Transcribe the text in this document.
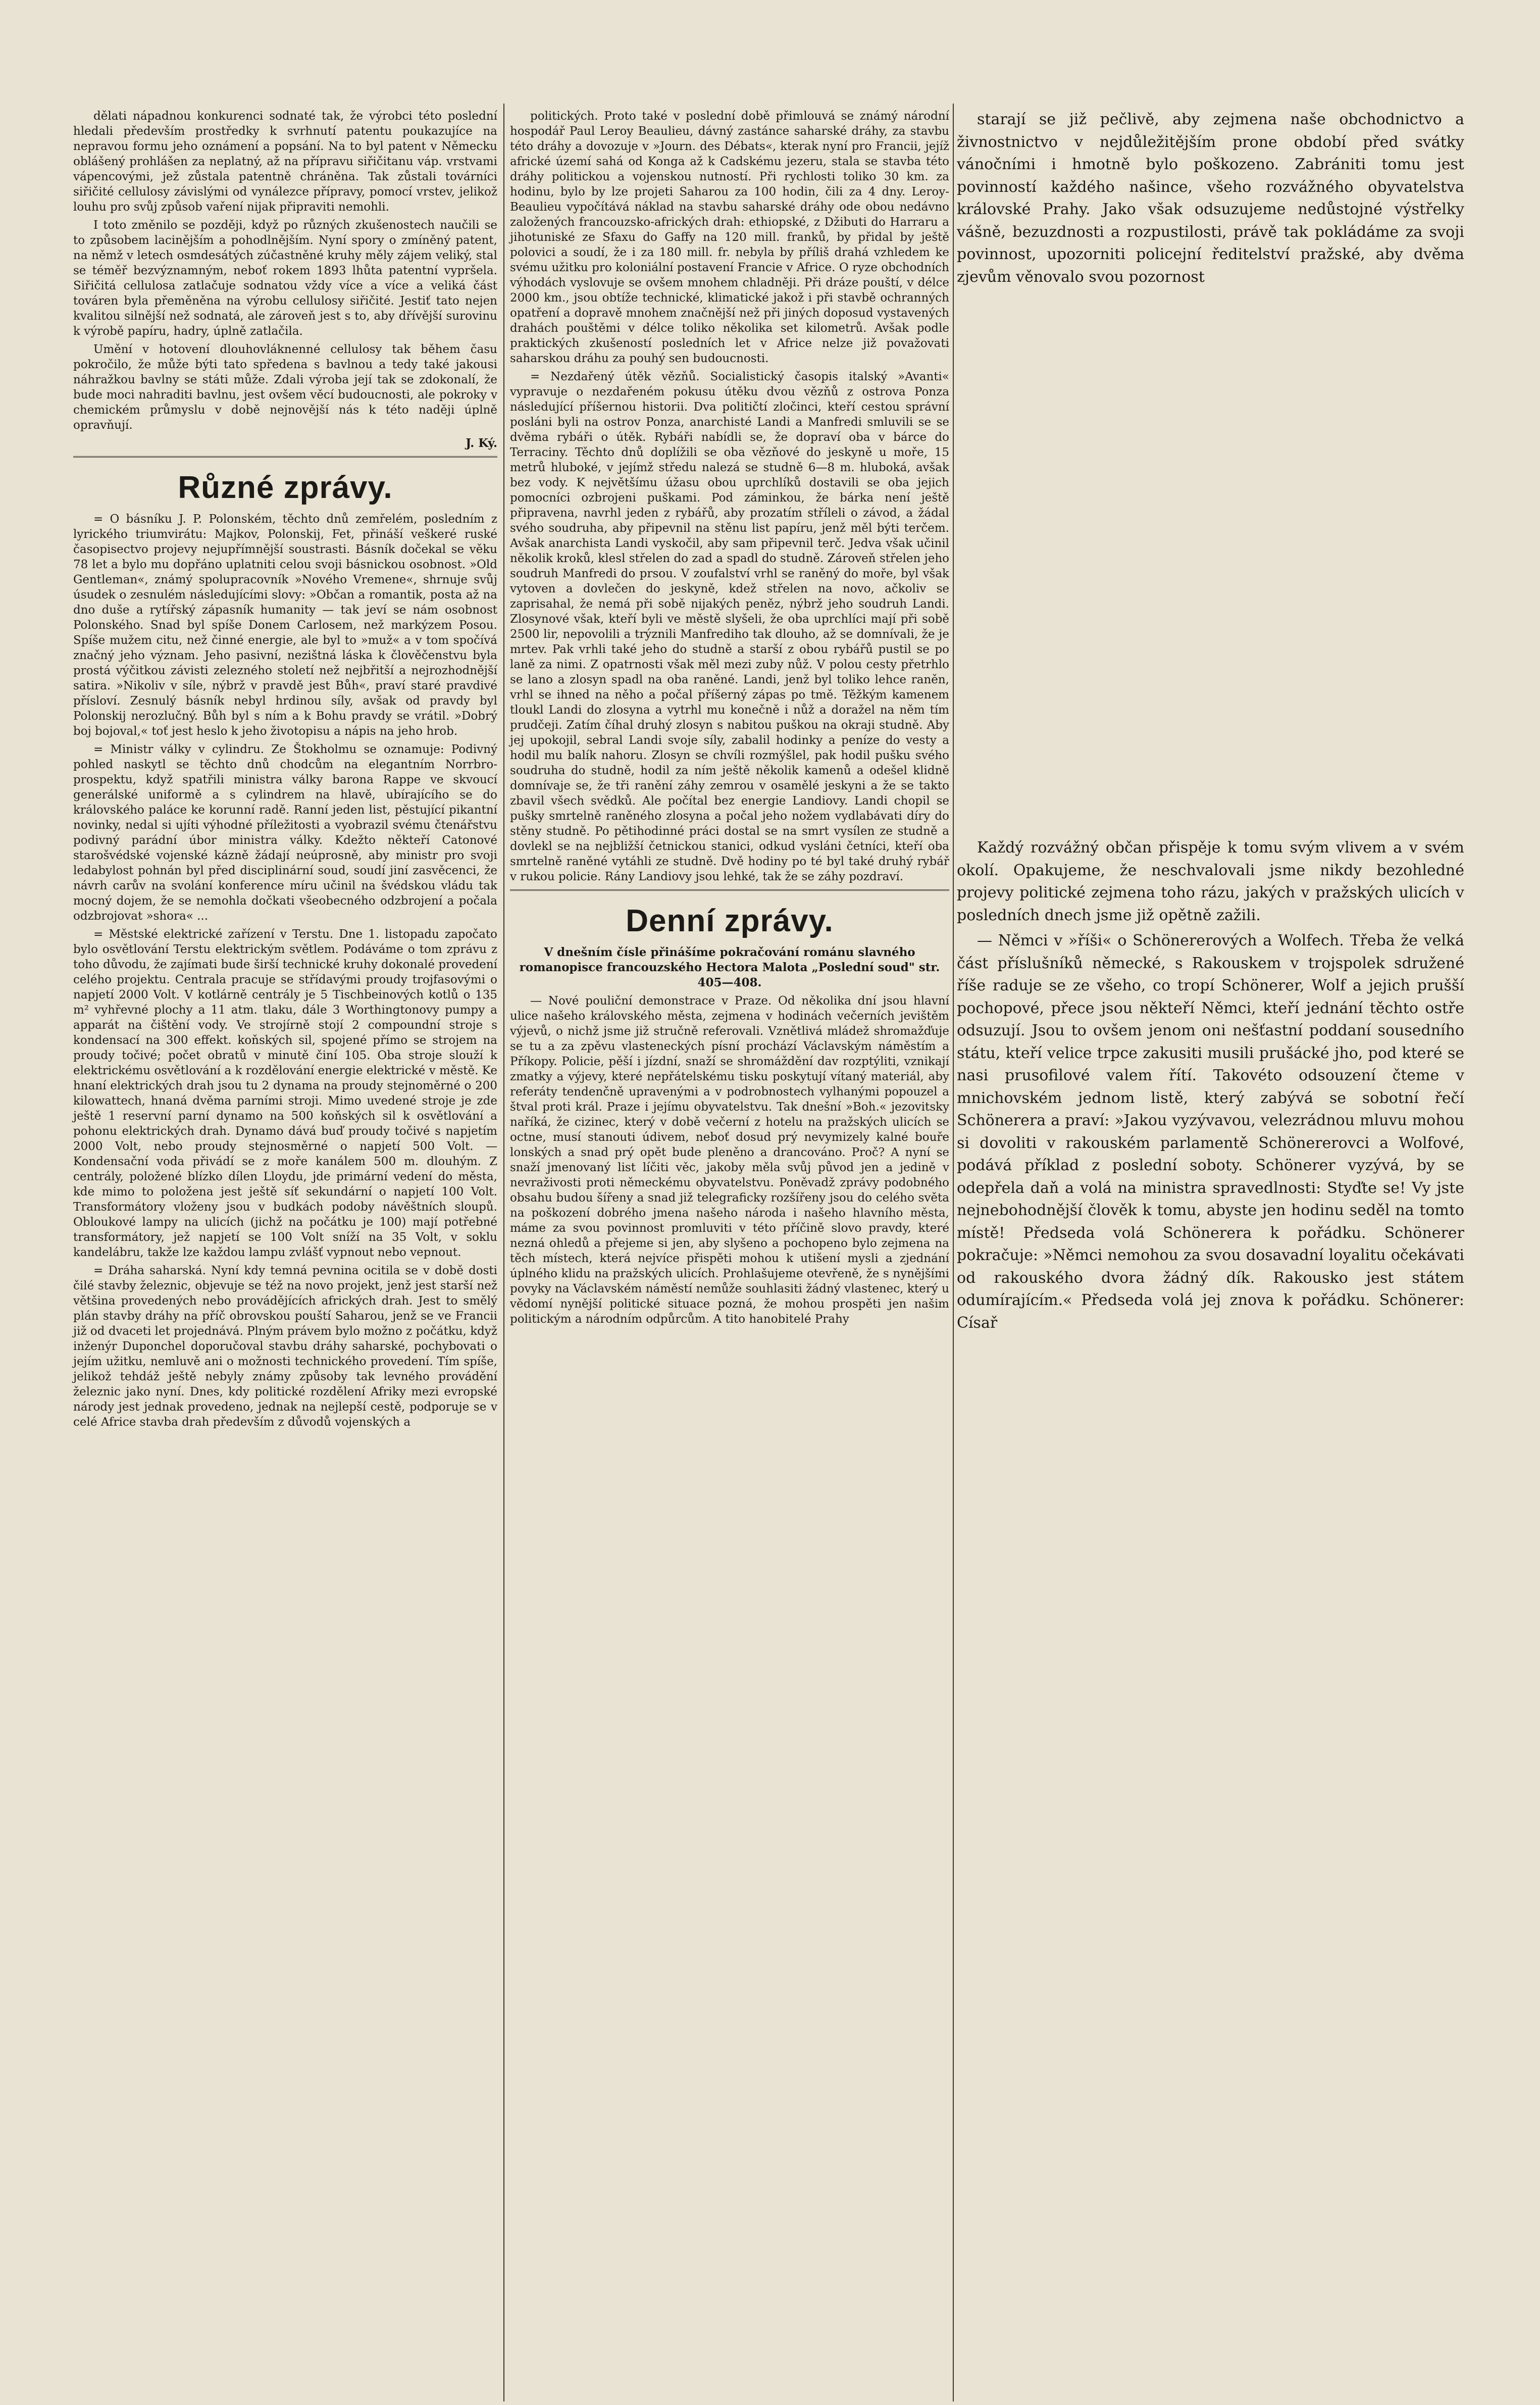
dělati nápadnou konkurenci sodnaté tak, že výrobci této poslední hledali především prostředky k svrhnutí patentu poukazujíce na nepravou formu jeho oznámení a popsání. Na to byl patent v Německu oblášený prohlášen za neplatný, až na přípravu siřičitanu váp. vrstvami vápencovými, jež zůstala patentně chráněna. Tak zůstali továrníci siřičité cellulosy závislými od vynálezce přípravy, pomocí vrstev, jelikož louhu pro svůj způsob vaření nijak připraviti nemohli.

I toto změnilo se později, když po různých zkušenostech naučili se to způsobem lacinějším a pohodlnějším. Nyní spory o zmíněný patent, na němž v letech osmdesátých zúčastněné kruhy měly zájem veliký, stal se téměř bezvýznamným, neboť rokem 1893 lhůta patentní vypršela. Siřičitá cellulosa zatlačuje sodnatou vždy více a více a veliká část továren byla přeměněna na výrobu cellulosy siřičité. Jestiť tato nejen kvalitou silnější než sodnatá, ale zároveň jest s to, aby dřívější surovinu k výrobě papíru, hadry, úplně zatlačila.

Umění v hotovení dlouhovláknenné cellulosy tak během času pokročilo, že může býti tato spředena s bavlnou a tedy také jakousi náhražkou bavlny se státi může. Zdali výroba její tak se zdokonalí, že bude moci nahraditi bavlnu, jest ovšem věcí budoucnosti, ale pokroky v chemickém průmyslu v době nejnovější nás k této naději úplně opravňují.

J. Ký.

Různé zprávy.

= O básníku J. P. Polonském, těchto dnů zemřelém, posledním z lyrického triumvirátu: Majkov, Polonskij, Fet, přináší veškeré ruské časopisectvo projevy nejupřímnější soustrasti. Básník dočekal se věku 78 let a bylo mu dopřáno uplatniti celou svoji básnickou osobnost. »Old Gentleman«, známý spolupracovník »Nového Vremene«, shrnuje svůj úsudek o zesnulém následujícími slovy: »Občan a romantik, posta až na dno duše a rytířský zápasník humanity — tak jeví se nám osobnost Polonského. Snad byl spíše Donem Carlosem, než markýzem Posou. Spíše mužem citu, než činné energie, ale byl to »muž« a v tom spočívá značný jeho význam. Jeho pasivní, nezištná láska k člověčenstvu byla prostá výčitkou závisti zelezného století než nejbřitší a nejrozhodnější satira. »Nikoliv v síle, nýbrž v pravdě jest Bůh«, praví staré pravdivé přísloví. Zesnulý básník nebyl hrdinou síly, avšak od pravdy byl Polonskij nerozlučný. Bůh byl s ním a k Bohu pravdy se vrátil. »Dobrý boj bojoval,« toť jest heslo k jeho životopisu a nápis na jeho hrob.

= Ministr války v cylindru. Ze Štokholmu se oznamuje: Podivný pohled naskytl se těchto dnů chodcům na elegantním Norrbro-prospektu, když spatřili ministra války barona Rappe ve skvoucí generálské uniformě a s cylindrem na hlavě, ubírajícího se do královského paláce ke korunní radě. Ranní jeden list, pěstující pikantní novinky, nedal si ujíti výhodné příležitosti a vyobrazil svému čtenářstvu podivný parádní úbor ministra války. Kdežto někteří Catonové starošvédské vojenské kázně žádají neúprosně, aby ministr pro svoji ledabylost pohnán byl před disciplinární soud, soudí jiní zasvěcenci, že návrh carův na svolání konference míru učinil na švédskou vládu tak mocný dojem, že se nemohla dočkati všeobecného odzbrojení a počala odzbrojovat »shora« ...

= Městské elektrické zařízení v Terstu. Dne 1. listopadu započato bylo osvětlování Terstu elektrickým světlem. Podáváme o tom zprávu z toho důvodu, že zajímati bude širší technické kruhy dokonalé provedení celého projektu. Centrala pracuje se střídavými proudy trojfasovými o napjetí 2000 Volt. V kotlárně centrály je 5 Tischbeinových kotlů o 135 m² vyhřevné plochy a 11 atm. tlaku, dále 3 Worthingtonovy pumpy a apparát na čištění vody. Ve strojírně stojí 2 compoundní stroje s kondensací na 300 effekt. koňských sil, spojené přímo se strojem na proudy točivé; počet obratů v minutě činí 105. Oba stroje slouží k elektrickému osvětlování a k rozdělování energie elektrické v městě. Ke hnaní elektrických drah jsou tu 2 dynama na proudy stejnoměrné o 200 kilowattech, hnaná dvěma parními stroji. Mimo uvedené stroje je zde ještě 1 reservní parní dynamo na 500 koňských sil k osvětlování a pohonu elektrických drah. Dynamo dává buď proudy točivé s napjetím 2000 Volt, nebo proudy stejnosměrné o napjetí 500 Volt. — Kondensační voda přivádí se z moře kanálem 500 m. dlouhým. Z centrály, položené blízko dílen Lloydu, jde primární vedení do města, kde mimo to položena jest ještě síť sekundární o napjetí 100 Volt. Transformátory vloženy jsou v budkách podoby návěštních sloupů. Obloukové lampy na ulicích (jichž na počátku je 100) mají potřebné transformátory, jež napjetí se 100 Volt sníží na 35 Volt, v soklu kandelábru, takže lze každou lampu zvlášť vypnout nebo vepnout.

= Dráha saharská. Nyní kdy temná pevnina ocitila se v době dosti čilé stavby železnic, objevuje se též na novo projekt, jenž jest starší než většina provedených nebo provádějících afrických drah. Jest to smělý plán stavby dráhy na příč obrovskou pouští Saharou, jenž se ve Francii již od dvaceti let projednává. Plným právem bylo možno z počátku, když inženýr Duponchel doporučoval stavbu dráhy saharské, pochybovati o jejím užitku, nemluvě ani o možnosti technického provedení. Tím spíše, jelikož tehdáž ještě nebyly známy způsoby tak levného provádění železnic jako nyní. Dnes, kdy politické rozdělení Afriky mezi evropské národy jest jednak provedeno, jednak na nejlepší cestě, podporuje se v celé Africe stavba drah především z důvodů vojenských a

politických. Proto také v poslední době přimlouvá se známý národní hospodář Paul Leroy Beaulieu, dávný zastánce saharské dráhy, za stavbu této dráhy a dovozuje v »Journ. des Débats«, kterak nyní pro Francii, jejíž africké území sahá od Konga až k Cadskému jezeru, stala se stavba této dráhy politickou a vojenskou nutností. Při rychlosti toliko 30 km. za hodinu, bylo by lze projeti Saharou za 100 hodin, čili za 4 dny. Leroy-Beaulieu vypočítává náklad na stavbu saharské dráhy ode obou nedávno založených francouzsko-afrických drah: ethiopské, z Džibuti do Harraru a jihotuniské ze Sfaxu do Gaffy na 120 mill. franků, by přidal by ještě polovici a soudí, že i za 180 mill. fr. nebyla by příliš drahá vzhledem ke svému užitku pro koloniální postavení Francie v Africe. O ryze obchodních výhodách vyslovuje se ovšem mnohem chladněji. Při dráze pouští, v délce 2000 km., jsou obtíže technické, klimatické jakož i při stavbě ochranných opatření a dopravě mnohem značnější než při jiných doposud vystavených drahách pouštěmi v délce toliko několika set kilometrů. Avšak podle praktických zkušeností posledních let v Africe nelze již považovati saharskou dráhu za pouhý sen budoucnosti.

= Nezdařený útěk vězňů. Socialistický časopis italský »Avanti« vypravuje o nezdařeném pokusu útěku dvou vězňů z ostrova Ponza následující příšernou historii. Dva političtí zločinci, kteří cestou správní posláni byli na ostrov Ponza, anarchisté Landi a Manfredi smluvili se se dvěma rybáři o útěk. Rybáři nabídli se, že dopraví oba v bárce do Terraciny. Těchto dnů doplížili se oba vězňové do jeskyně u moře, 15 metrů hluboké, v jejímž středu nalezá se studně 6—8 m. hluboká, avšak bez vody. K největšímu úžasu obou uprchlíků dostavili se oba jejich pomocníci ozbrojeni puškami. Pod záminkou, že bárka není ještě připravena, navrhl jeden z rybářů, aby prozatím stříleli o závod, a žádal svého soudruha, aby připevnil na stěnu list papíru, jenž měl býti terčem. Avšak anarchista Landi vyskočil, aby sam připevnil terč. Jedva však učinil několik kroků, klesl střelen do zad a spadl do studně. Zároveň střelen jeho soudruh Manfredi do prsou. V zoufalství vrhl se raněný do moře, byl však vytoven a dovlečen do jeskyně, kdež střelen na novo, ačkoliv se zaprisahal, že nemá při sobě nijakých peněz, nýbrž jeho soudruh Landi. Zlosynové však, kteří byli ve městě slyšeli, že oba uprchlíci mají při sobě 2500 lir, nepovolili a trýznili Manfrediho tak dlouho, až se domnívali, že je mrtev. Pak vrhli také jeho do studně a starší z obou rybářů pustil se po laně za nimi. Z opatrnosti však měl mezi zuby nůž. V polou cesty přetrhlo se lano a zlosyn spadl na oba raněné. Landi, jenž byl toliko lehce raněn, vrhl se ihned na něho a počal příšerný zápas po tmě. Těžkým kamenem tloukl Landi do zlosyna a vytrhl mu konečně i nůž a doražel na něm tím prudčeji. Zatím číhal druhý zlosyn s nabitou puškou na okraji studně. Aby jej upokojil, sebral Landi svoje síly, zabalil hodinky a peníze do vesty a hodil mu balík nahoru. Zlosyn se chvíli rozmýšlel, pak hodil pušku svého soudruha do studně, hodil za ním ještě několik kamenů a odešel klidně domnívaje se, že tři ranění záhy zemrou v osamělé jeskyni a že se takto zbavil všech svědků. Ale počítal bez energie Landiovy. Landi chopil se pušky smrtelně raněného zlosyna a počal jeho nožem vydlabávati díry do stěny studně. Po pětihodinné práci dostal se na smrt vysílen ze studně a dovlekl se na nejbližší četnickou stanici, odkud vysláni četníci, kteří oba smrtelně raněné vytáhli ze studně. Dvě hodiny po té byl také druhý rybář v rukou policie. Rány Landiovy jsou lehké, tak že se záhy pozdraví.

Denní zprávy.

V dnešním čísle přinášíme pokračování románu slavného romanopisce francouzského Hectora Malota „Poslední soud" str. 405—408.

— Nové pouliční demonstrace v Praze. Od několika dní jsou hlavní ulice našeho královského města, zejmena v hodinách večerních jevištěm výjevů, o nichž jsme již stručně referovali. Vznětlivá mládež shromažďuje se tu a za zpěvu vlasteneckých písní prochází Václavským náměstím a Příkopy. Policie, pěší i jízdní, snaží se shromáždění dav rozptýliti, vznikají zmatky a výjevy, které nepřátelskému tisku poskytují vítaný materiál, aby referáty tendenčně upravenými a v podrobnostech vylhanými popouzel a štval proti král. Praze i jejímu obyvatelstvu. Tak dnešní »Boh.« jezovitsky naříká, že cizinec, který v době večerní z hotelu na pražských ulicích se octne, musí stanouti údivem, neboť dosud prý nevymizely kalné bouře lonských a snad prý opět bude pleněno a drancováno. Proč? A nyní se snaží jmenovaný list líčiti věc, jakoby měla svůj původ jen a jedině v nevraživosti proti německému obyvatelstvu. Poněvadž zprávy podobného obsahu budou šířeny a snad již telegraficky rozšířeny jsou do celého světa na poškození dobrého jmena našeho národa i našeho hlavního města, máme za svou povinnost promluviti v této příčině slovo pravdy, které nezná ohledů a přejeme si jen, aby slyšeno a pochopeno bylo zejmena na těch místech, která nejvíce přispěti mohou k utišení mysli a zjednání úplného klidu na pražských ulicích. Prohlašujeme otevřeně, že s nynějšími povyky na Václavském náměstí nemůže souhlasiti žádný vlastenec, který u vědomí nynější politické situace pozná, že mohou prospěti jen našim politickým a národním odpůrcům. A tito hanobitelé Prahy

starají se již pečlivě, aby zejmena naše obchodnictvo a živnostnictvo v nejdůležitějším prone období před svátky vánočními i hmotně bylo poškozeno. Zabrániti tomu jest povinností každého našince, všeho rozvážného obyvatelstva královské Prahy. Jako však odsuzujeme nedůstojné výstřelky vášně, bezuzdnosti a rozpustilosti, právě tak pokládáme za svoji povinnost, upozorniti policejní ředitelství pražské, aby dvěma zjevům věnovalo svou pozornost

Každý rozvážný občan přispěje k tomu svým vlivem a v svém okolí. Opakujeme, že neschvalovali jsme nikdy bezohledné projevy politické zejmena toho rázu, jakých v pražských ulicích v posledních dnech jsme již opětně zažili.

— Němci v »říši« o Schönererových a Wolfech. Třeba že velká část příslušníků německé, s Rakouskem v trojspolek sdružené říše raduje se ze všeho, co tropí Schönerer, Wolf a jejich prušší pochopové, přece jsou někteří Němci, kteří jednání těchto ostře odsuzují. Jsou to ovšem jenom oni nešťastní poddaní sousedního státu, kteří velice trpce zakusiti musili prušácké jho, pod které se nasi prusofilové valem řítí. Takovéto odsouzení čteme v mnichovském jednom listě, který zabývá se sobotní řečí Schönerera a praví: »Jakou vyzývavou, velezrádnou mluvu mohou si dovoliti v rakouském parlamentě Schönererovci a Wolfové, podává příklad z poslední soboty. Schönerer vyzývá, by se odepřela daň a volá na ministra spravedlnosti: Styďte se! Vy jste nejnebohodnější člověk k tomu, abyste jen hodinu seděl na tomto místě! Předseda volá Schönerera k pořádku. Schönerer pokračuje: »Němci nemohou za svou dosavadní loyalitu očekávati od rakouského dvora žádný dík. Rakousko jest státem odumírajícím.« Předseda volá jej znova k pořádku. Schönerer: Císař
